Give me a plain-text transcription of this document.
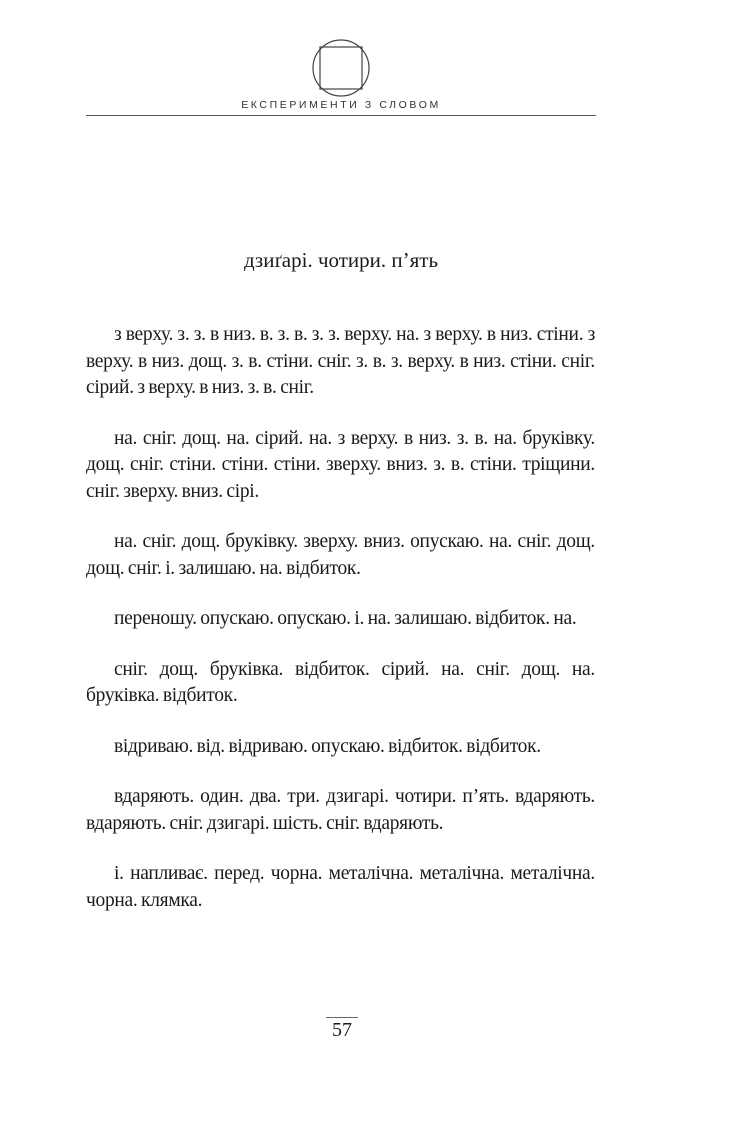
ЕКСПЕРИМЕНТИ З СЛОВОМ
дзиґарі. чотири. п’ять

з верху. з. з. в низ. в. з. в. з. з. верху. на. з верху. в низ. стіни. з верху. в низ. дощ. з. в. стіни. сніг. з. в. з. верху. в низ. стіни. сніг. сірий. з верху. в низ. з. в. сніг.

на. сніг. дощ. на. сірий. на. з верху. в низ. з. в. на. бруківку. дощ. сніг. стіни. стіни. стіни. зверху. вниз. з. в. стіни. тріщини. сніг. зверху. вниз. сірі.

на. сніг. дощ. бруківку. зверху. вниз. опускаю. на. сніг. дощ. дощ. сніг. і. залишаю. на. відбиток.

переношу. опускаю. опускаю. і. на. залишаю. відбиток. на.

сніг. дощ. бруківка. відбиток. сірий. на. сніг. дощ. на. бруківка. відбиток.

відриваю. від. відриваю. опускаю. відбиток. відбиток.

вдаряють. один. два. три. дзигарі. чотири. п’ять. вдаряють. вдаряють. сніг. дзигарі. шість. сніг. вдаряють.

і. напливає. перед. чорна. металічна. металічна. металічна. чорна. клямка.

57
